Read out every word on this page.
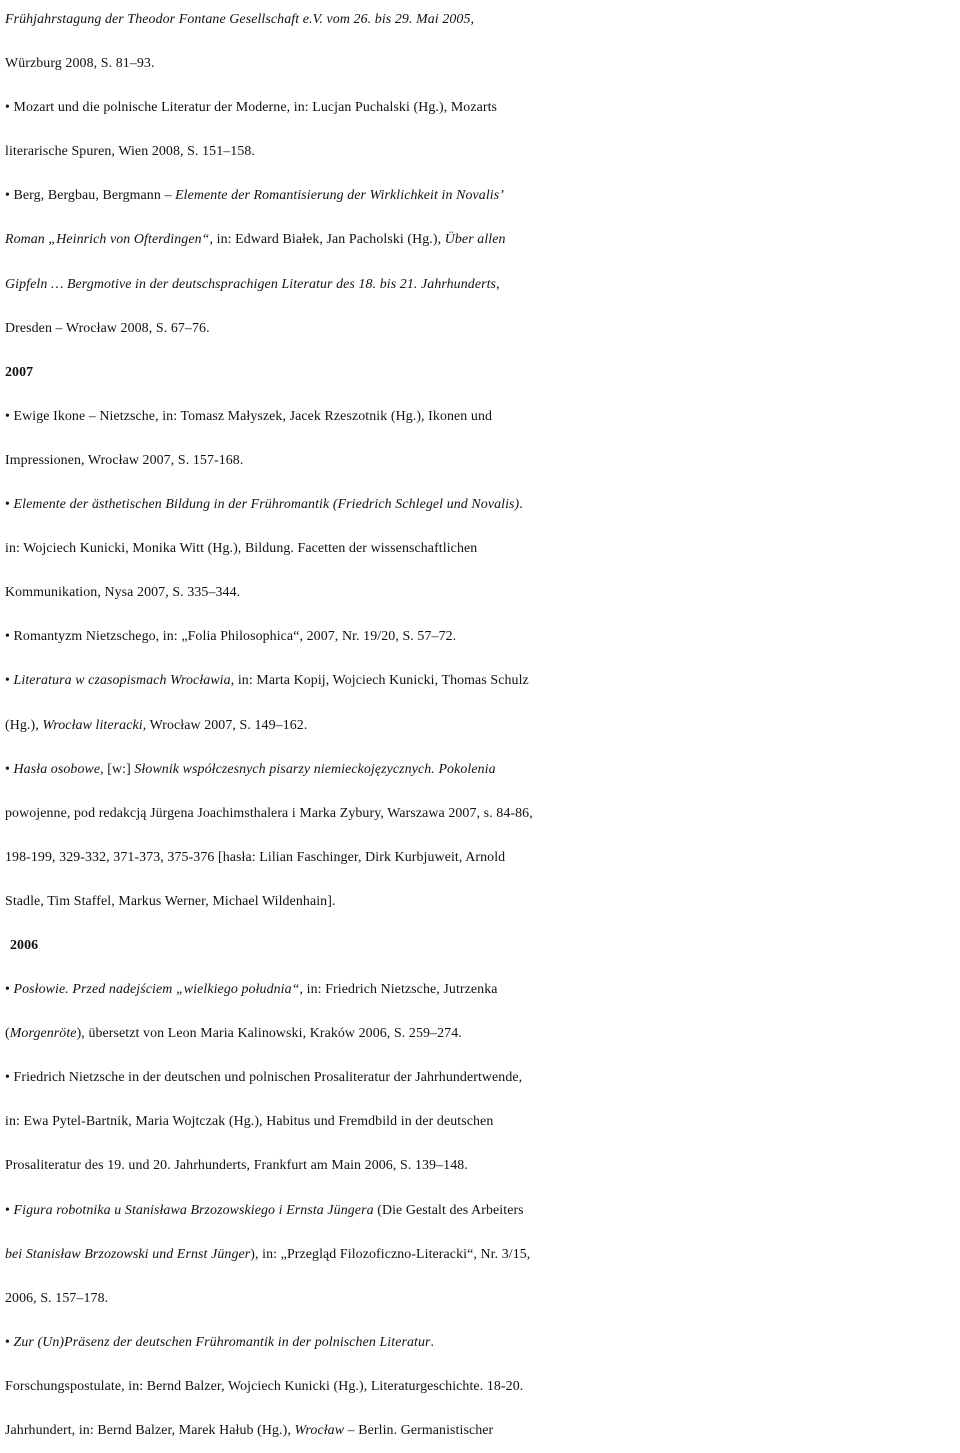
Frühjahrstagung der Theodor Fontane Gesellschaft e.V. vom 26. bis 29. Mai 2005,
Würzburg 2008, S. 81–93.
• Mozart und die polnische Literatur der Moderne, in: Lucjan Puchalski (Hg.), Mozarts
literarische Spuren, Wien 2008, S. 151–158.
• Berg, Bergbau, Bergmann – Elemente der Romantisierung der Wirklichkeit in Novalis’
Roman „Heinrich von Ofterdingen“, in: Edward Białek, Jan Pacholski (Hg.), Über allen
Gipfeln … Bergmotive in der deutschsprachigen Literatur des 18. bis 21. Jahrhunderts,
Dresden – Wrocław 2008, S. 67–76.
2007
• Ewige Ikone – Nietzsche, in: Tomasz Małyszek, Jacek Rzeszotnik (Hg.), Ikonen und
Impressionen, Wrocław 2007, S. 157-168.
• Elemente der ästhetischen Bildung in der Frühromantik (Friedrich Schlegel und Novalis).
in: Wojciech Kunicki, Monika Witt (Hg.), Bildung. Facetten der wissenschaftlichen
Kommunikation, Nysa 2007, S. 335–344.
• Romantyzm Nietzschego, in: „Folia Philosophica“, 2007, Nr. 19/20, S. 57–72.
• Literatura w czasopismach Wrocławia, in: Marta Kopij, Wojciech Kunicki, Thomas Schulz
(Hg.), Wrocław literacki, Wrocław 2007, S. 149–162.
• Hasła osobowe, [w:] Słownik współczesnych pisarzy niemieckojęzycznych. Pokolenia
powojenne, pod redakcją Jürgena Joachimsthalera i Marka Zybury, Warszawa 2007, s. 84-86,
198-199, 329-332, 371-373, 375-376 [hasła: Lilian Faschinger, Dirk Kurbjuweit, Arnold
Stadle, Tim Staffel, Markus Werner, Michael Wildenhain].
2006
• Posłowie. Przed nadejściem „wielkiego południa“, in: Friedrich Nietzsche, Jutrzenka
(Morgenröte), übersetzt von Leon Maria Kalinowski, Kraków 2006, S. 259–274.
• Friedrich Nietzsche in der deutschen und polnischen Prosaliteratur der Jahrhundertwende,
in: Ewa Pytel-Bartnik, Maria Wojtczak (Hg.), Habitus und Fremdbild in der deutschen
Prosaliteratur des 19. und 20. Jahrhunderts, Frankfurt am Main 2006, S. 139–148.
• Figura robotnika u Stanisława Brzozowskiego i Ernsta Jüngera (Die Gestalt des Arbeiters
bei Stanisław Brzozowski und Ernst Jünger), in: „Przegląd Filozoficzno-Literacki“, Nr. 3/15,
2006, S. 157–178.
• Zur (Un)Präsenz der deutschen Frühromantik in der polnischen Literatur.
Forschungspostulate, in: Bernd Balzer, Wojciech Kunicki (Hg.), Literaturgeschichte. 18-20.
Jahrhundert, in: Bernd Balzer, Marek Hałub (Hg.), Wrocław – Berlin. Germanistischer
